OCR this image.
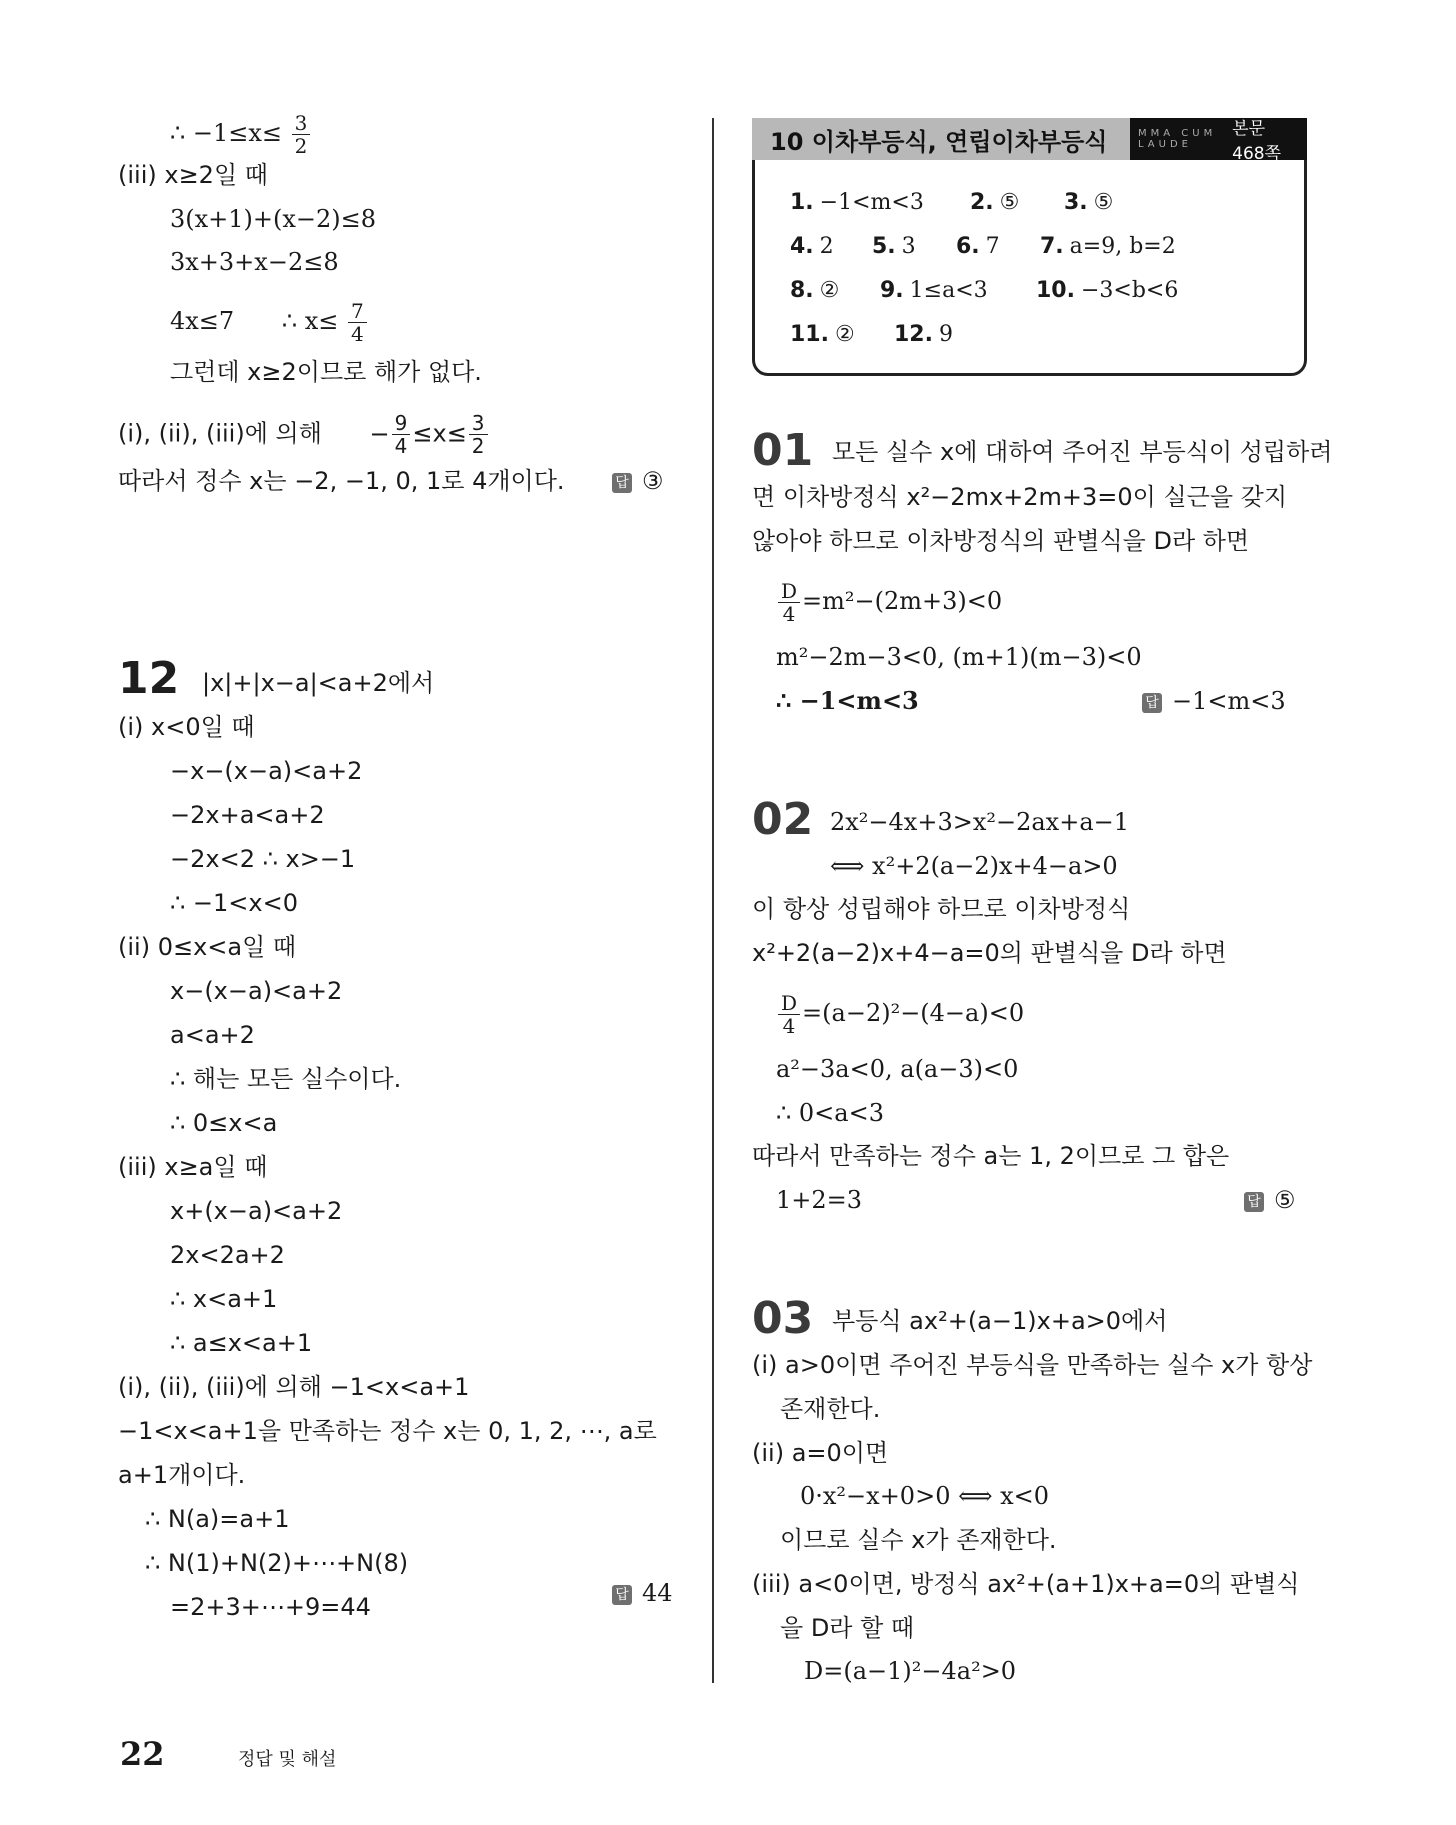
∴ $-1\le x\le \frac{3}{2}$
(iii) x≥2일 때
3(x+1)+(x−2)≤8
3x+3+x−2≤8
4x≤7 ∴ $x\le \frac{7}{4}$
그런데 x≥2이므로 해가 없다.
(i), (ii), (iii)에 의해 − $\frac{9}{4} \le x\le \frac{3}{2}$
따라서 정수 x는 −2, −1, 0, 1로 4개이다.	답 ③
12 |x|+|x−a|<a+2에서
(i) x<0일 때
−x−(x−a)<a+2
−2x+a<a+2
−2x<2 ∴ x>−1
∴ −1<x<0
(ii) 0≤x<a일 때
x−(x−a)<a+2
a<a+2
∴ 해는 모든 실수이다.
∴ 0≤x<a
(iii) x≥a일 때
x+(x−a)<a+2
2x<2a+2
∴ x<a+1
∴ a≤x<a+1
(i), (ii), (iii)에 의해 −1<x<a+1
−1<x<a+1을 만족하는 정수 x는 0, 1, 2, ⋯, a로
a+1개이다.
∴ N(a)=a+1
∴ N(1)+N(2)+⋯+N(8)
=2+3+⋯+9=44	답 44
10 이차부등식, 연립이차부등식	MMA CUM LAUDE
본문 468쪽
1. −1<m<3 2. ⑤ 3. ⑤
4. 2 5. 3 6. 7 7. a=9, b=2
8. ② 9. 1≤a<3 10. −3<b<6
11. ② 12. 9
01 모든 실수 x에 대하여 주어진 부등식이 성립하려
면 이차방정식 x²−2mx+2m+3=0이 실근을 갖지
않아야 하므로 이차방정식의 판별식을 D라 하면
$\frac{D}{4} =m^2-(2m+3)<0$
m²−2m−3<0, (m+1)(m−3)<0
∴ −1<m<3	답 −1<m<3
02 2x²−4x+3>x²−2ax+a−1
⟺ x²+2(a−2)x+4−a>0
이 항상 성립해야 하므로 이차방정식
x²+2(a−2)x+4−a=0의 판별식을 D라 하면
$\frac{D}{4} =(a-2)^2-(4-a)<0$
a²−3a<0, a(a−3)<0
∴ 0<a<3
따라서 만족하는 정수 a는 1, 2이므로 그 합은
1+2=3	답 ⑤
03 부등식 ax²+(a−1)x+a>0에서
(i) a>0이면 주어진 부등식을 만족하는 실수 x가 항상
존재한다.
(ii) a=0이면
0·x²−x+0>0 ⟺ x<0
이므로 실수 x가 존재한다.
(iii) a<0이면, 방정식 ax²+(a+1)x+a=0의 판별식
을 D라 할 때
D=(a−1)²−4a²>0
22	정답 및 해설
